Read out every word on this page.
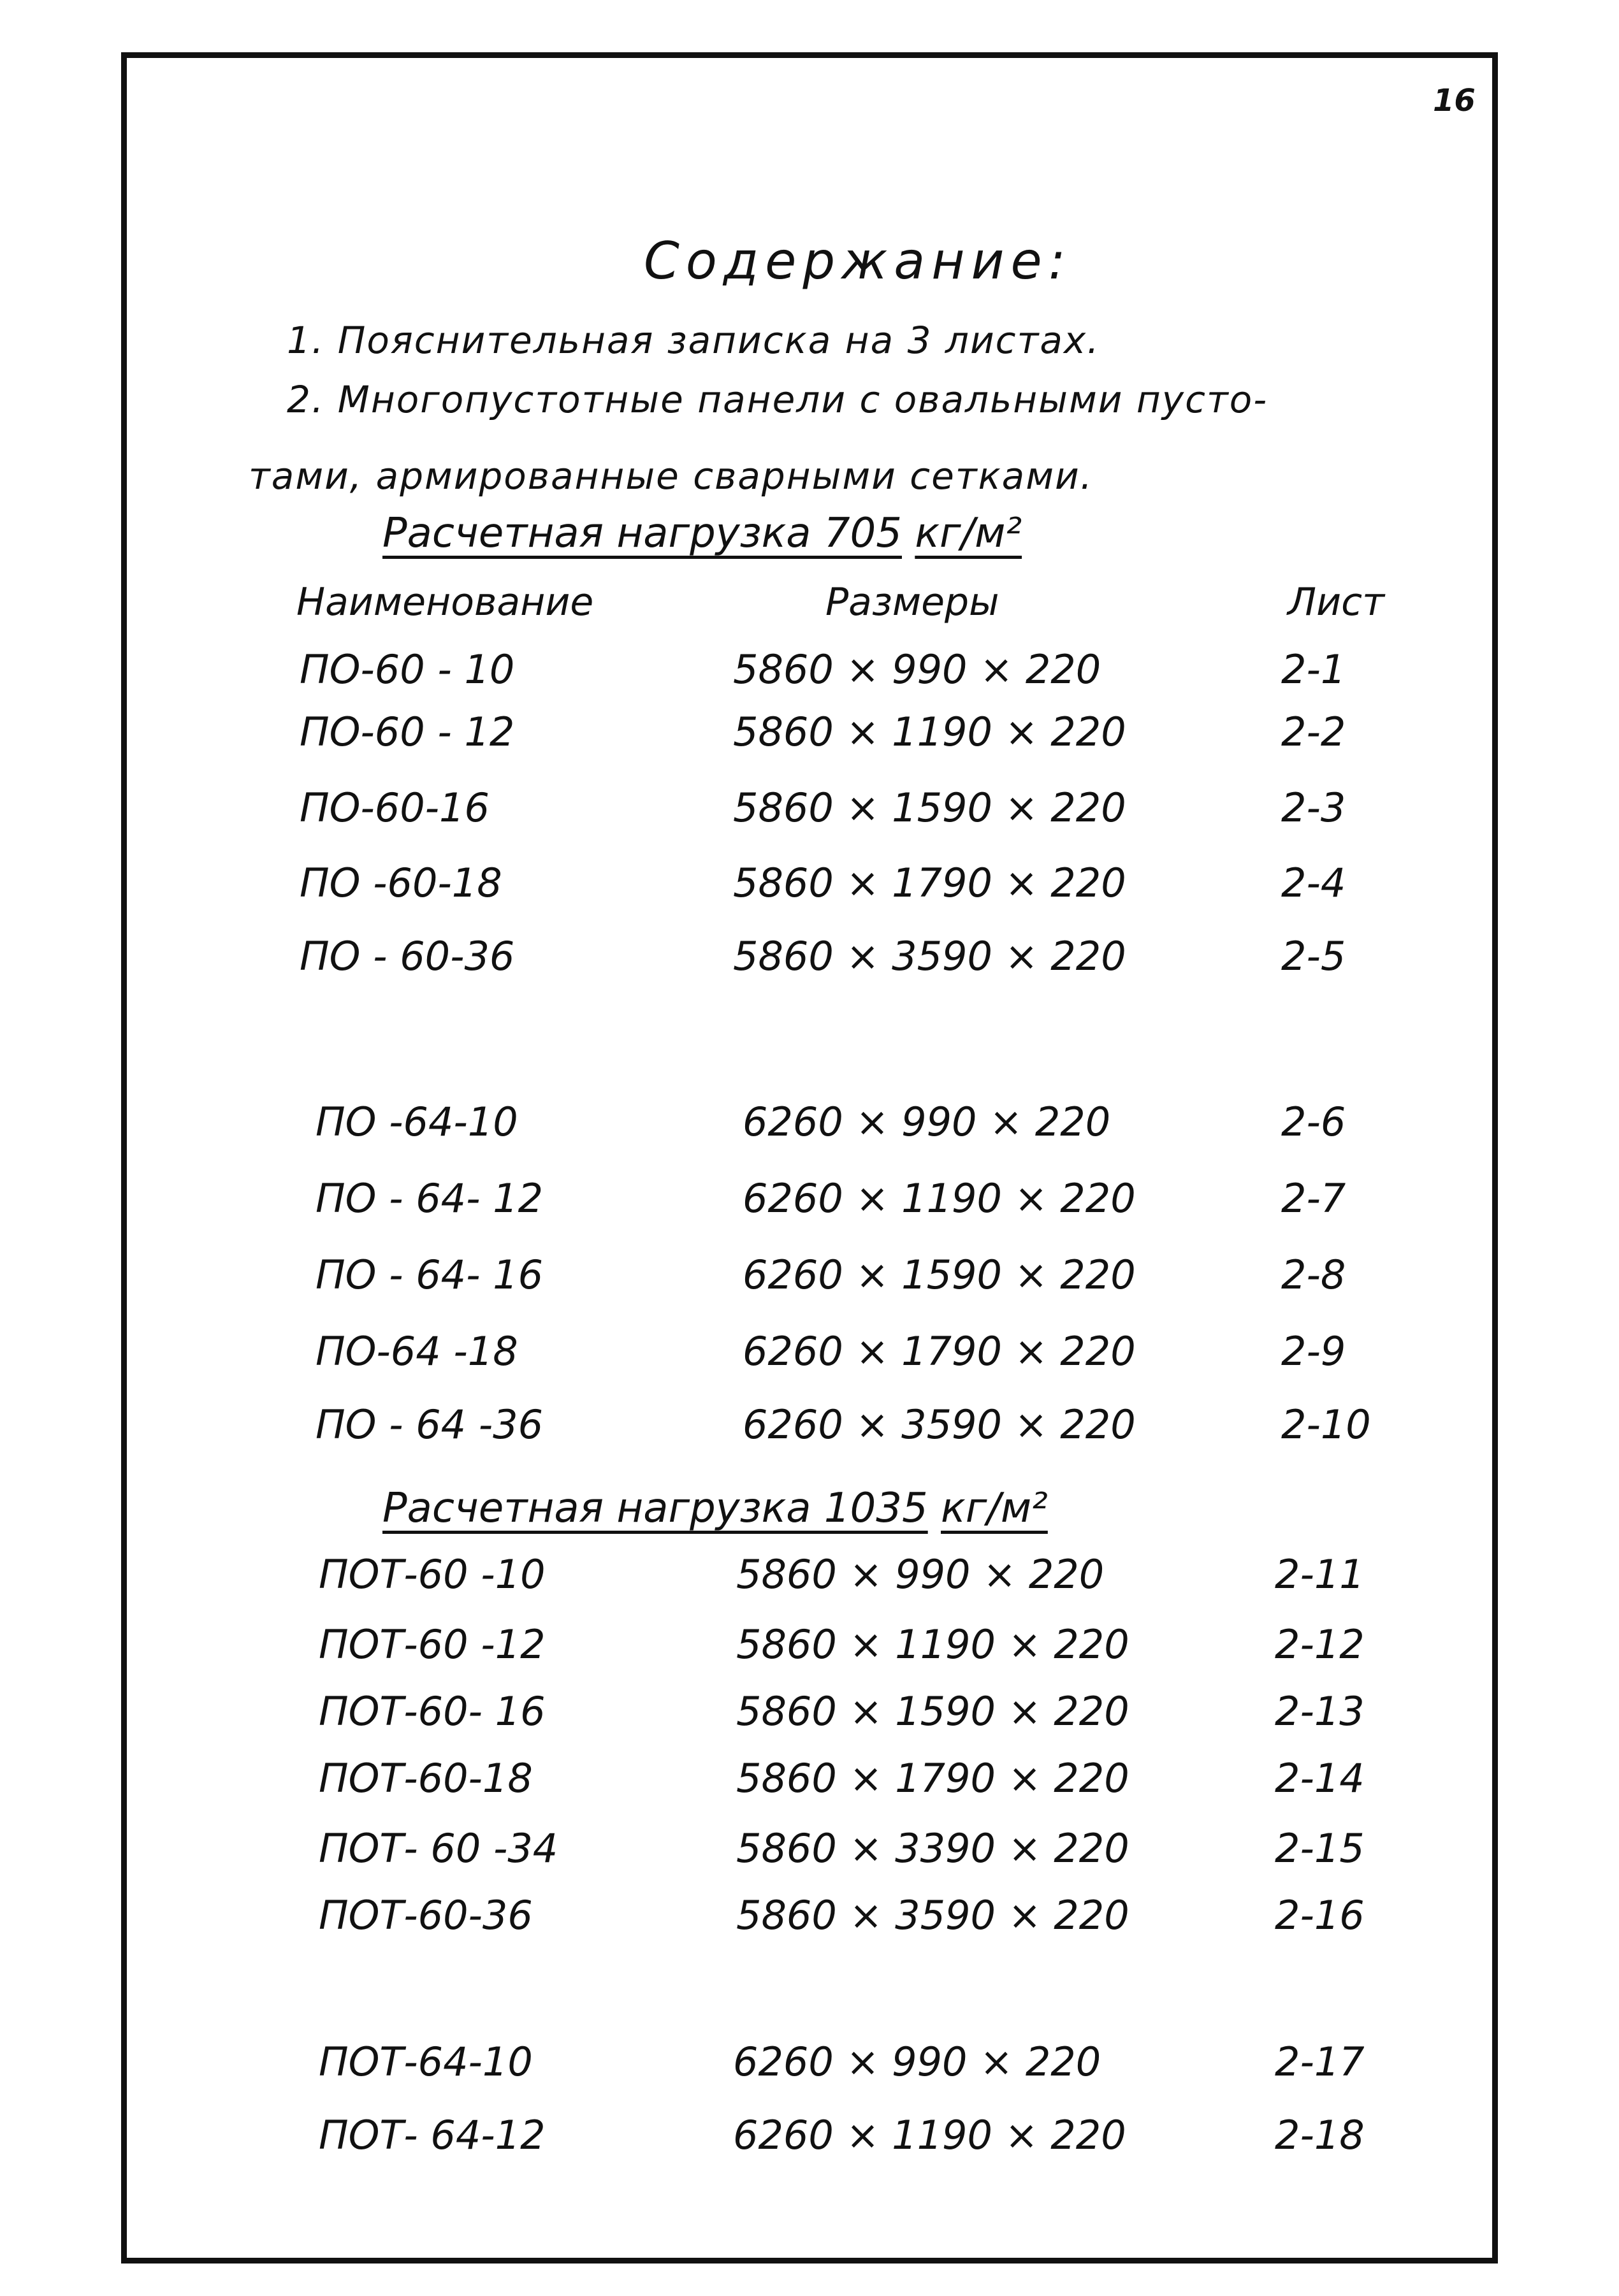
16
Содержание:
1. Пояснительная записка на 3 листах.
2. Многопустотные панели с овальными пусто-
тами, армированные сварными сетками.
Расчетная нагрузка 705 кг/м²
Наименование	Размеры	Лист
ПО-60 - 10	5860 × 990 × 220	2-1
ПО-60 - 12	5860 × 1190 × 220	2-2
ПО-60-16	5860 × 1590 × 220	2-3
ПО -60-18	5860 × 1790 × 220	2-4
ПО - 60-36	5860 × 3590 × 220	2-5
ПО -64-10	6260 × 990 × 220	2-6
ПО - 64- 12	6260 × 1190 × 220	2-7
ПО - 64- 16	6260 × 1590 × 220	2-8
ПО-64 -18	6260 × 1790 × 220	2-9
ПО - 64 -36	6260 × 3590 × 220	2-10
ПОТ-60 -10	5860 × 990 × 220	2-11
ПОТ-60 -12	5860 × 1190 × 220	2-12
ПОТ-60- 16	5860 × 1590 × 220	2-13
ПОТ-60-18	5860 × 1790 × 220	2-14
ПОТ- 60 -34	5860 × 3390 × 220	2-15
ПОТ-60-36	5860 × 3590 × 220	2-16
ПОТ-64-10	6260 × 990 × 220	2-17
ПОТ- 64-12	6260 × 1190 × 220	2-18
Расчетная нагрузка 1035 кг/м²
